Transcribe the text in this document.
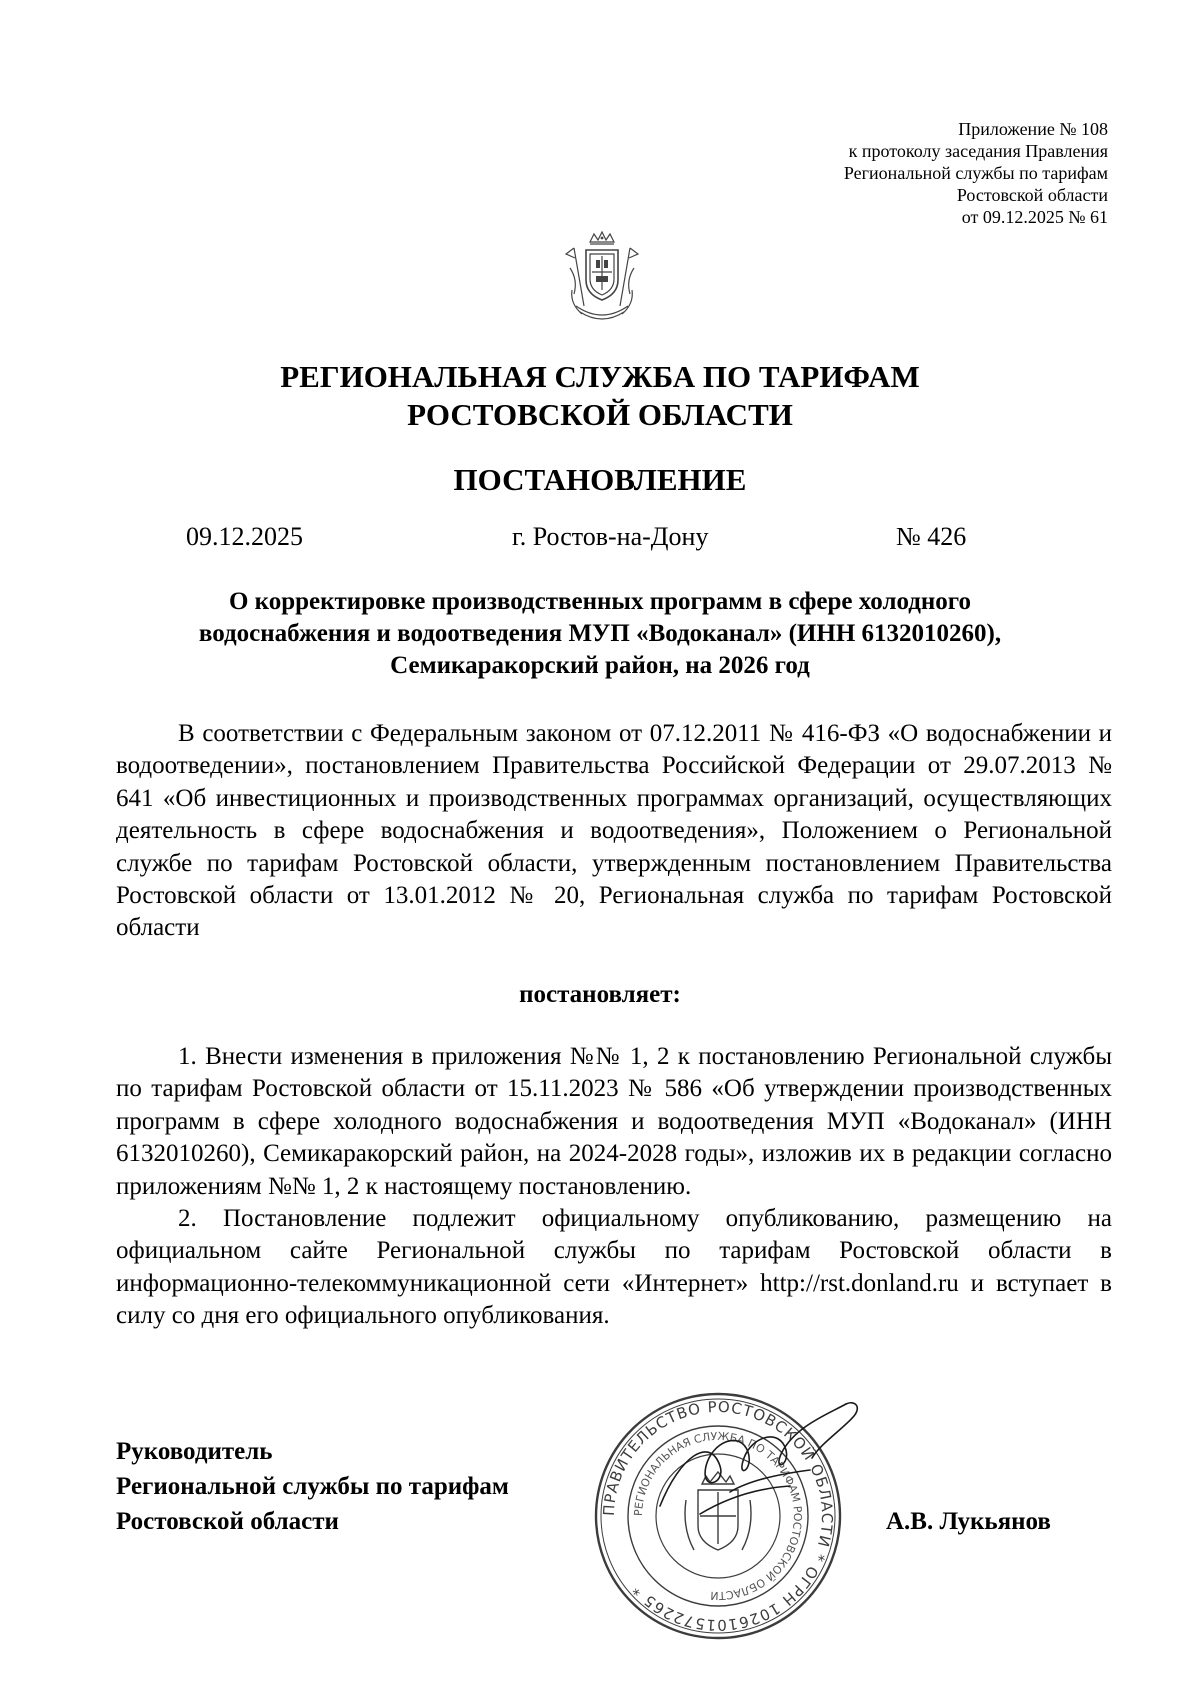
Приложение № 108
к протоколу заседания Правления
Региональной службы по тарифам
Ростовской области
от 09.12.2025 № 61
РЕГИОНАЛЬНАЯ СЛУЖБА ПО ТАРИФАМ
РОСТОВСКОЙ ОБЛАСТИ
ПОСТАНОВЛЕНИЕ
09.12.2025	г. Ростов-на-Дону	№ 426
О корректировке производственных программ в сфере холодного
водоснабжения и водоотведения МУП «Водоканал» (ИНН 6132010260),
Семикаракорский район, на 2026 год

В соответствии с Федеральным законом от 07.12.2011 № 416-ФЗ «О водоснабжении и водоотведении», постановлением Правительства Российской Федерации от 29.07.2013 № 641 «Об инвестиционных и производственных программах организаций, осуществляющих деятельность в сфере водоснабжения и водоотведения», Положением о Региональной службе по тарифам Ростовской области, утвержденным постановлением Правительства Ростовской области от 13.01.2012 № 20, Региональная служба по тарифам Ростовской области

постановляет:

1. Внести изменения в приложения №№ 1, 2 к постановлению Региональной службы по тарифам Ростовской области от 15.11.2023 № 586 «Об утверждении производственных программ в сфере холодного водоснабжения и водоотведения МУП «Водоканал» (ИНН 6132010260), Семикаракорский район, на 2024-2028 годы», изложив их в редакции согласно приложениям №№ 1, 2 к настоящему постановлению.

2. Постановление подлежит официальному опубликованию, размещению на официальном сайте Региональной службы по тарифам Ростовской области в информационно-телекоммуникационной сети «Интернет» http://rst.donland.ru и вступает в силу со дня его официального опубликования.

Руководитель
Региональной службы по тарифам
Ростовской области	ПРАВИТЕЛЬСТВО РОСТОВСКОЙ ОБЛАСТИ * ОГРН 1026101572265 *
РЕГИОНАЛЬНАЯ СЛУЖБА ПО ТАРИФАМ РОСТОВСКОЙ ОБЛАСТИ
А.В. Лукьянов
